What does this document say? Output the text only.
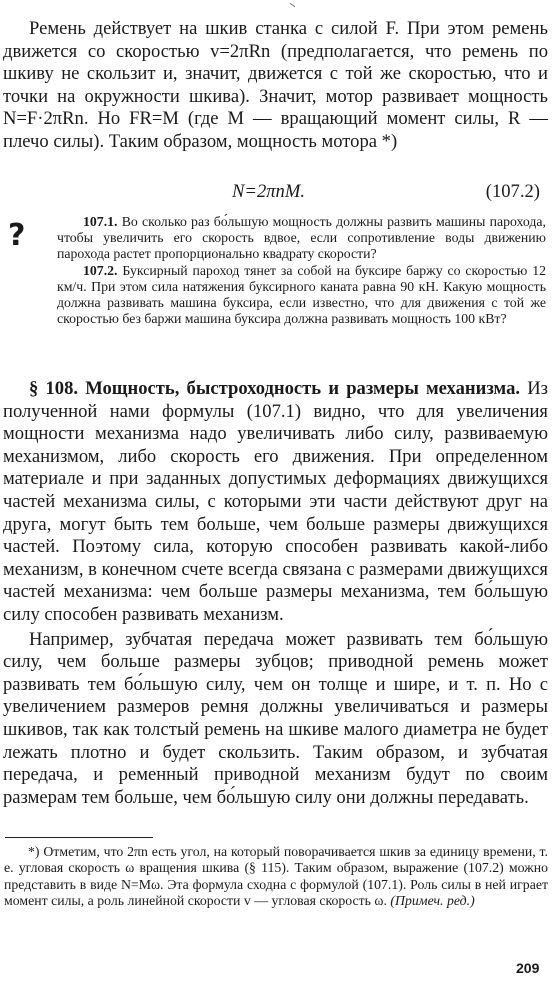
Ремень действует на шкив станка с силой F. При этом ремень движется со скоростью v=2πRn (предполагается, что ремень по шкиву не скользит и, значит, движется с той же скоростью, что и точки на окружности шкива). Значит, мотор развивает мощность N=F·2πRn. Но FR=M (где M — вращающий момент силы, R — плечо силы). Таким образом, мощность мотора *)

N=2πnM.	(107.2)
?	107.1. Во сколько раз бо́льшую мощность должны развить машины парохода, чтобы увеличить его скорость вдвое, если сопротивление воды движению парохода растет пропорционально квадрату скорости?

107.2. Буксирный пароход тянет за собой на буксире баржу со скоростью 12 км/ч. При этом сила натяжения буксирного каната равна 90 кН. Какую мощность должна развивать машина буксира, если известно, что для движения с той же скоростью без баржи машина буксира должна развивать мощность 100 кВт?

§ 108. Мощность, быстроходность и размеры механизма. Из полученной нами формулы (107.1) видно, что для увеличения мощности механизма надо увеличивать либо силу, развиваемую механизмом, либо скорость его движения. При определенном материале и при заданных допустимых деформациях движущихся частей механизма силы, с которыми эти части действуют друг на друга, могут быть тем больше, чем больше размеры движущихся частей. Поэтому сила, которую способен развивать какой-либо механизм, в конечном счете всегда связана с размерами движущихся частей механизма: чем больше размеры механизма, тем бо́льшую силу способен развивать механизм.

Например, зубчатая передача может развивать тем бо́льшую силу, чем больше размеры зубцов; приводной ремень может развивать тем бо́льшую силу, чем он толще и шире, и т. п. Но с увеличением размеров ремня должны увеличиваться и размеры шкивов, так как толстый ремень на шкиве малого диаметра не будет лежать плотно и будет скользить. Таким образом, и зубчатая передача, и ременный приводной механизм будут по своим размерам тем больше, чем бо́льшую силу они должны передавать.

*) Отметим, что 2πn есть угол, на который поворачивается шкив за единицу времени, т. е. угловая скорость ω вращения шкива (§ 115). Таким образом, выражение (107.2) можно представить в виде N=Mω. Эта формула сходна с формулой (107.1). Роль силы в ней играет момент силы, а роль линейной скорости v — угловая скорость ω. (Примеч. ред.)

209
